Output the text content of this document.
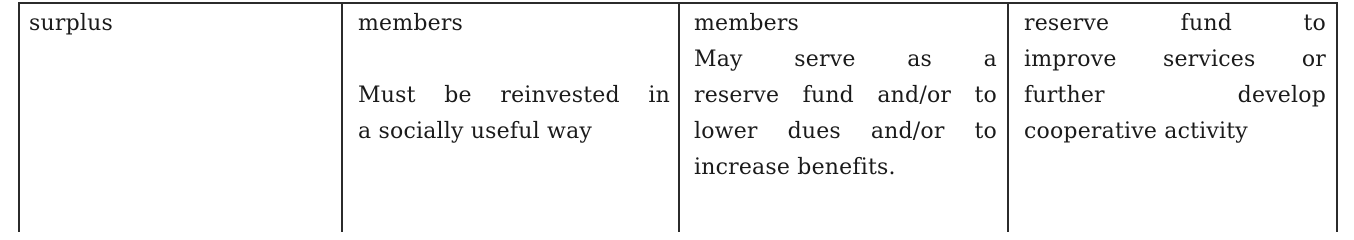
surplus	members
Must be reinvested in
a socially useful way
members
May serve as a
reserve fund and/or to
lower dues and/or to
increase benefits.
reserve fund to
improve services or
further develop
cooperative activity
